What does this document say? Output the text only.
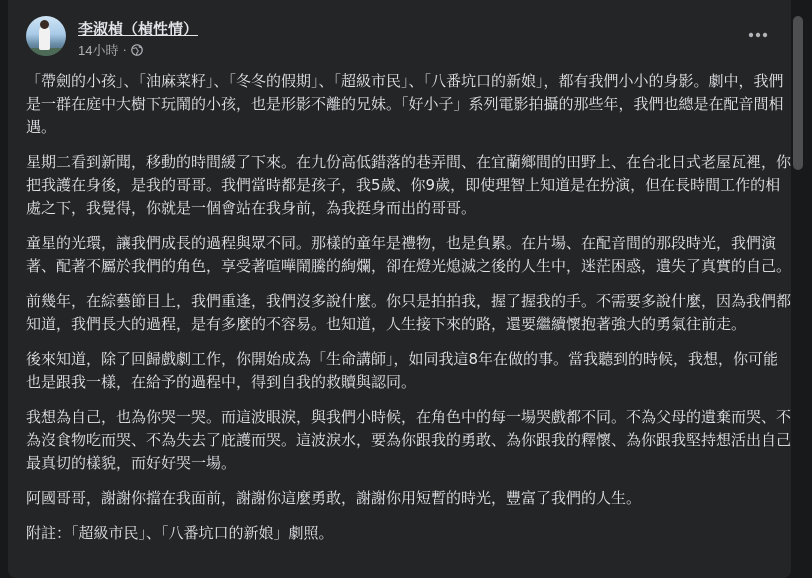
李淑楨（楨性情）
14小時 ·

「帶劍的小孩」、「油麻菜籽」、「冬冬的假期」、「超級市民」、「八番坑口的新娘」，都有我們小小的身影。劇中，我們是一群在庭中大樹下玩鬧的小孩，也是形影不離的兄妹。「好小子」系列電影拍攝的那些年，我們也總是在配音間相遇。

星期二看到新聞，移動的時間緩了下來。在九份高低錯落的巷弄間、在宜蘭鄉間的田野上、在台北日式老屋瓦裡，你把我護在身後，是我的哥哥。我們當時都是孩子，我5歲、你9歲，即使理智上知道是在扮演，但在長時間工作的相處之下，我覺得，你就是一個會站在我身前，為我挺身而出的哥哥。

童星的光環，讓我們成長的過程與眾不同。那樣的童年是禮物，也是負累。在片場、在配音間的那段時光，我們演著、配著不屬於我們的角色，享受著喧嘩鬧騰的絢爛，卻在燈光熄滅之後的人生中，迷茫困惑，遺失了真實的自己。

前幾年，在綜藝節目上，我們重逢，我們沒多說什麼。你只是拍拍我，握了握我的手。不需要多說什麼，因為我們都知道，我們長大的過程，是有多麼的不容易。也知道，人生接下來的路，還要繼續懷抱著強大的勇氣往前走。

後來知道，除了回歸戲劇工作，你開始成為「生命講師」，如同我這8年在做的事。當我聽到的時候，我想，你可能也是跟我一樣，在給予的過程中，得到自我的救贖與認同。

我想為自己，也為你哭一哭。而這波眼淚，與我們小時候，在角色中的每一場哭戲都不同。不為父母的遺棄而哭、不為沒食物吃而哭、不為失去了庇護而哭。這波淚水，要為你跟我的勇敢、為你跟我的釋懷、為你跟我堅持想活出自己最真切的樣貌，而好好哭一場。

阿國哥哥，謝謝你擋在我面前，謝謝你這麼勇敢，謝謝你用短暫的時光，豐富了我們的人生。

附註：「超級市民」、「八番坑口的新娘」劇照。
